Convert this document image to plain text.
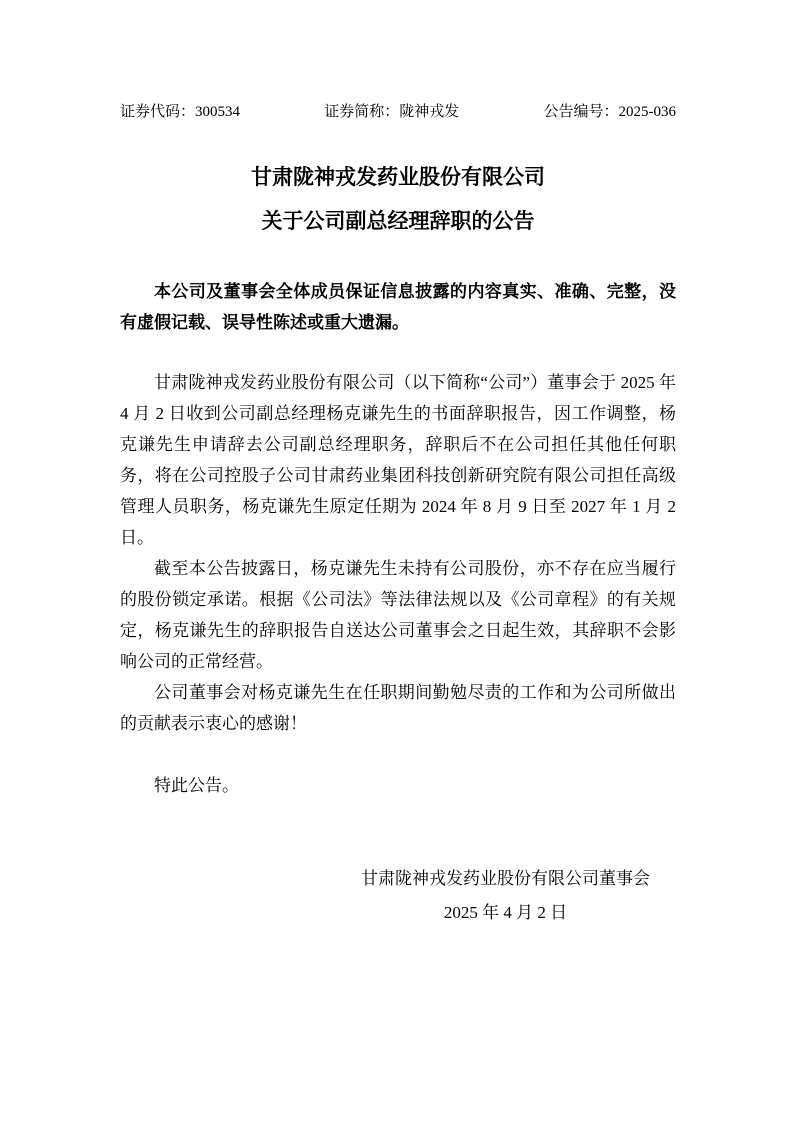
证券代码：300534	证券简称：陇神戎发	公告编号：2025-036
甘肃陇神戎发药业股份有限公司
关于公司副总经理辞职的公告
本公司及董事会全体成员保证信息披露的内容真实、准确、完整，没有虚假记载、误导性陈述或重大遗漏。

甘肃陇神戎发药业股份有限公司（以下简称“公司”）董事会于 2025 年 4 月 2 日收到公司副总经理杨克谦先生的书面辞职报告，因工作调整，杨克谦先生申请辞去公司副总经理职务，辞职后不在公司担任其他任何职务，将在公司控股子公司甘肃药业集团科技创新研究院有限公司担任高级管理人员职务，杨克谦先生原定任期为 2024 年 8 月 9 日至 2027 年 1 月 2 日。

截至本公告披露日，杨克谦先生未持有公司股份，亦不存在应当履行的股份锁定承诺。根据《公司法》等法律法规以及《公司章程》的有关规定，杨克谦先生的辞职报告自送达公司董事会之日起生效，其辞职不会影响公司的正常经营。

公司董事会对杨克谦先生在任职期间勤勉尽责的工作和为公司所做出的贡献表示衷心的感谢！

特此公告。
甘肃陇神戎发药业股份有限公司董事会
2025 年 4 月 2 日
